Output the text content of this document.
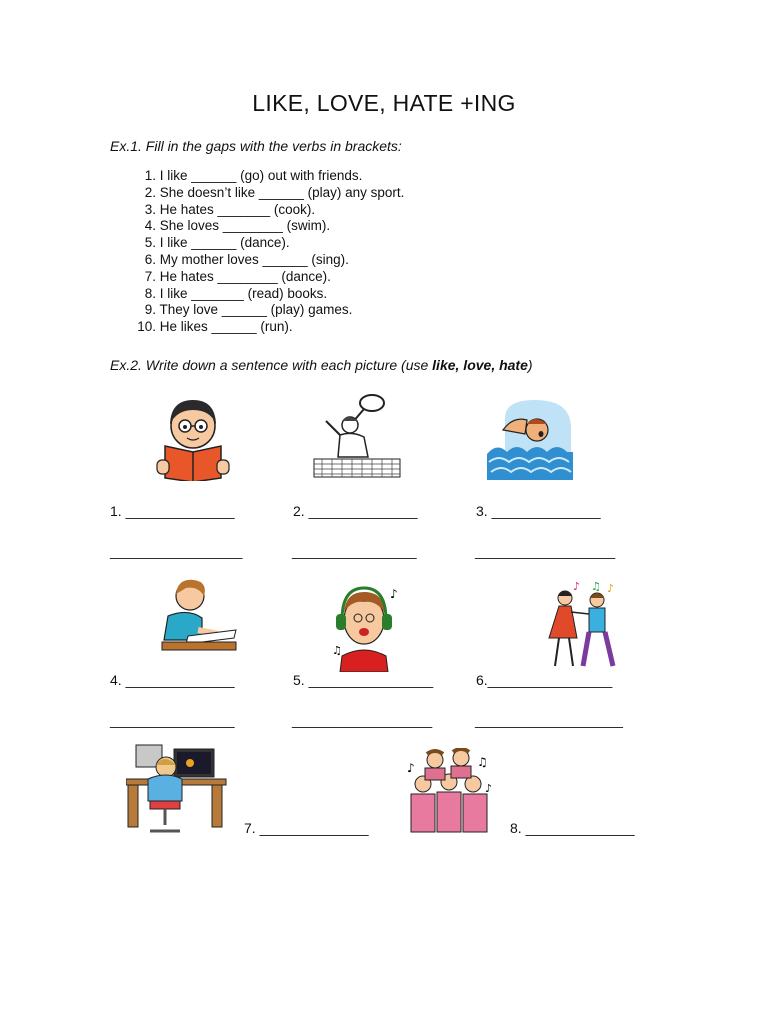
LIKE, LOVE, HATE +ING
Ex.1. Fill in the gaps with the verbs in brackets:
1. I like ______ (go) out with friends.
2. She doesn’t like ______ (play) any sport.
3. He hates _______ (cook).
4. She loves ________ (swim).
5. I like ______ (dance).
6. My mother loves ______ (sing).
7. He hates ________ (dance).
8. I like _______ (read) books.
9. They love ______ (play) games.
10. He likes ______ (run).
Ex.2. Write down a sentence with each picture (use like, love, hate)
1. ______________	2. ______________	3. ______________
_________________	________________	__________________
♪
♫
♪ ♫ ♪
4. ______________	5. ________________	6.________________
________________	__________________	___________________
7. ______________
♪	♫
♪
8. ______________
